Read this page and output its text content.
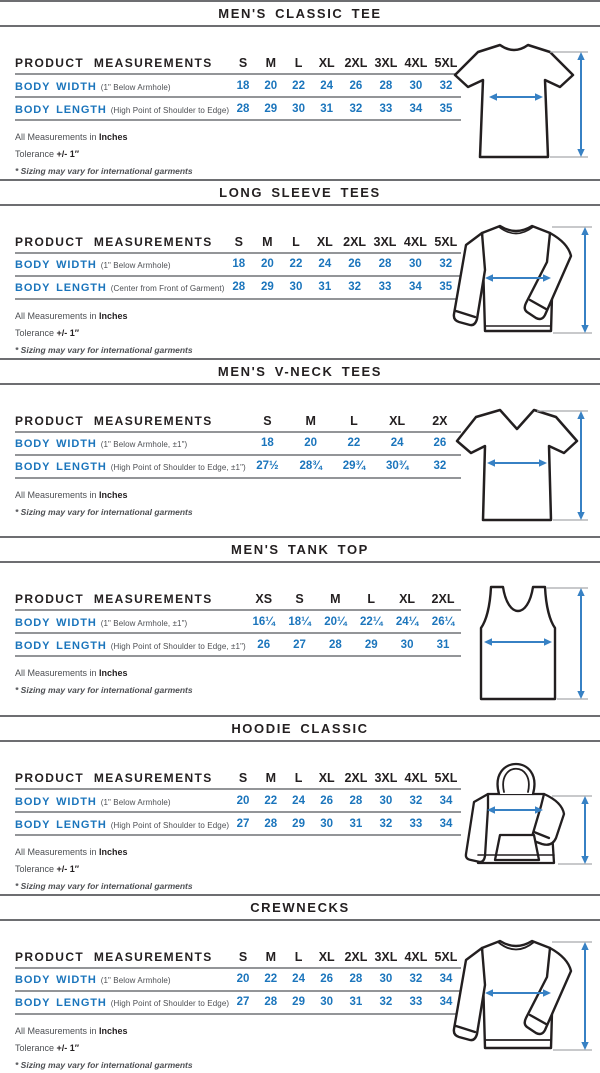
MEN'S CLASSIC TEE
PRODUCT MEASUREMENTS	S	M	L	XL	2XL	3XL	4XL	5XL
BODY WIDTH (1" Below Armhole)	18	20	22	24	26	28	30	32
BODY LENGTH (High Point of Shoulder to Edge)	28	29	30	31	32	33	34	35
All Measurements in Inches
Tolerance +/- 1″
* Sizing may vary for international garments
LONG SLEEVE TEES
PRODUCT MEASUREMENTS	S	M	L	XL	2XL	3XL	4XL	5XL
BODY WIDTH (1" Below Armhole)	18	20	22	24	26	28	30	32
BODY LENGTH (Center from Front of Garment)	28	29	30	31	32	33	34	35
All Measurements in Inches
Tolerance +/- 1″
* Sizing may vary for international garments
MEN'S V-NECK TEES
PRODUCT MEASUREMENTS	S	M	L	XL	2X
BODY WIDTH (1" Below Armhole, ±1")	18	20	22	24	26
BODY LENGTH (High Point of Shoulder to Edge, ±1")	27½	28¾	29¾	30¾	32
All Measurements in Inches
* Sizing may vary for international garments
MEN'S TANK TOP
PRODUCT MEASUREMENTS	XS	S	M	L	XL	2XL
BODY WIDTH (1" Below Armhole, ±1")	16¼	18¼	20¼	22¼	24¼	26¼
BODY LENGTH (High Point of Shoulder to Edge, ±1")	26	27	28	29	30	31
All Measurements in Inches
* Sizing may vary for international garments
HOODIE CLASSIC
PRODUCT MEASUREMENTS	S	M	L	XL	2XL	3XL	4XL	5XL
BODY WIDTH (1" Below Armhole)	20	22	24	26	28	30	32	34
BODY LENGTH (High Point of Shoulder to Edge)	27	28	29	30	31	32	33	34
All Measurements in Inches
Tolerance +/- 1″
* Sizing may vary for international garments
CREWNECKS
PRODUCT MEASUREMENTS	S	M	L	XL	2XL	3XL	4XL	5XL
BODY WIDTH (1" Below Armhole)	20	22	24	26	28	30	32	34
BODY LENGTH (High Point of Shoulder to Edge)	27	28	29	30	31	32	33	34
All Measurements in Inches
Tolerance +/- 1″
* Sizing may vary for international garments
